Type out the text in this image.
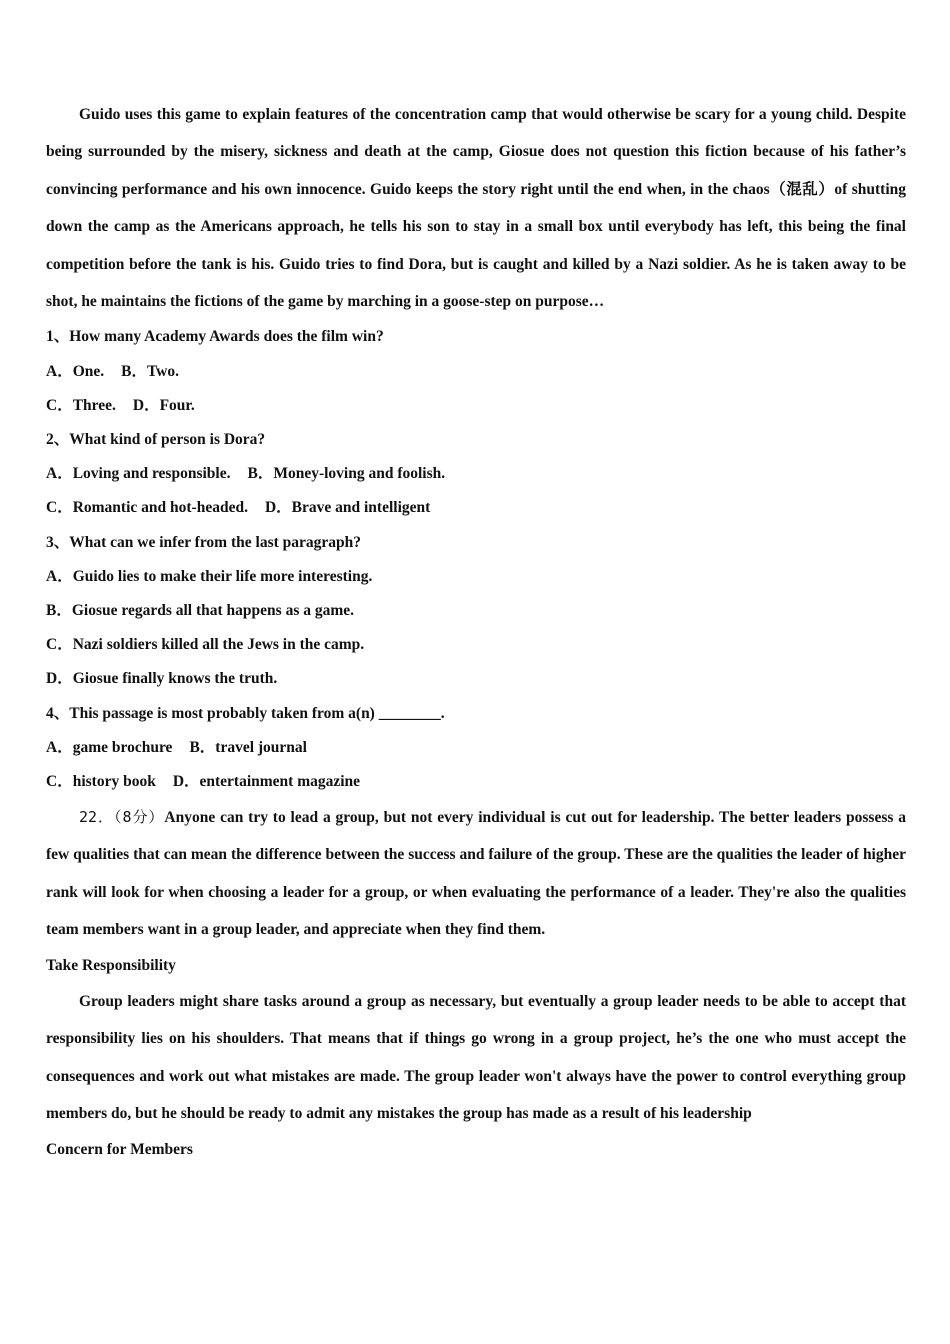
Guido uses this game to explain features of the concentration camp that would otherwise be scary for a young child. Despite being surrounded by the misery, sickness and death at the camp, Giosue does not question this fiction because of his father’s convincing performance and his own innocence. Guido keeps the story right until the end when, in the chaos（混乱）of shutting down the camp as the Americans approach, he tells his son to stay in a small box until everybody has left, this being the final competition before the tank is his. Guido tries to find Dora, but is caught and killed by a Nazi soldier. As he is taken away to be shot, he maintains the fictions of the game by marching in a goose-step on purpose…

1、How many Academy Awards does the film win?

A．One. B．Two.

C．Three. D．Four.

2、What kind of person is Dora?

A．Loving and responsible. B．Money-loving and foolish.

C．Romantic and hot-headed. D．Brave and intelligent

3、What can we infer from the last paragraph?

A．Guido lies to make their life more interesting.

B．Giosue regards all that happens as a game.

C．Nazi soldiers killed all the Jews in the camp.

D．Giosue finally knows the truth.

4、This passage is most probably taken from a(n) ________.

A．game brochure B．travel journal

C．history book D．entertainment magazine

22．（8分）Anyone can try to lead a group, but not every individual is cut out for leadership. The better leaders possess a few qualities that can mean the difference between the success and failure of the group. These are the qualities the leader of higher rank will look for when choosing a leader for a group, or when evaluating the performance of a leader. They're also the qualities team members want in a group leader, and appreciate when they find them.

Take Responsibility

Group leaders might share tasks around a group as necessary, but eventually a group leader needs to be able to accept that responsibility lies on his shoulders. That means that if things go wrong in a group project, he’s the one who must accept the consequences and work out what mistakes are made. The group leader won't always have the power to control everything group members do, but he should be ready to admit any mistakes the group has made as a result of his leadership

Concern for Members
